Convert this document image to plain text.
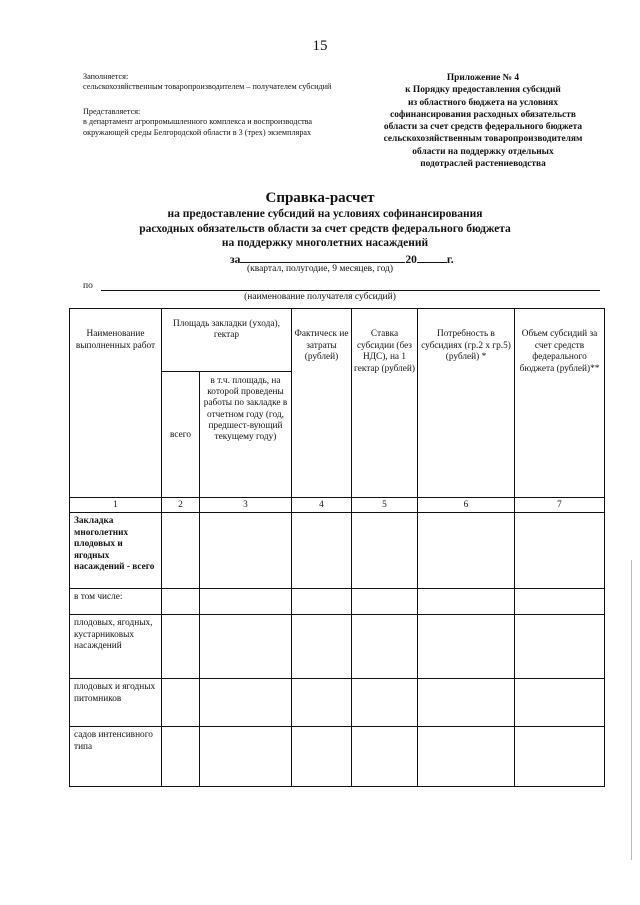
15
Заполняется:
сельскохозяйственным товаропроизводителем – получателем субсидий
Представляется:
в департамент агропромышленного комплекса и воспроизводства окружающей среды Белгородской области в 3 (трех) экземплярах
Приложение № 4
к Порядку предоставления субсидий
из областного бюджета на условиях
софинансирования расходных обязательств
области за счет средств федерального бюджета
сельскохозяйственным товаропроизводителям
области на поддержку отдельных
подотраслей растениеводства
Справка-расчет
на предоставление субсидий на условиях софинансирования
расходных обязательств области за счет средств федерального бюджета
на поддержку многолетних насаждений
за	20	г.
(квартал, полугодие, 9 месяцев, год)
по
(наименование получателя субсидий)
Наименование выполненных работ	Площадь закладки (ухода), гектар		Фактическ ие затраты (рублей)	Ставка субсидии (без НДС), на 1 гектар (рублей)	Потребность в субсидиях (гр.2 х гр.5) (рублей) *	Объем субсидий за счет средств федерального бюджета (рублей)**
	всего	в т.ч. площадь, на которой проведены работы по закладке в отчетном году (год, предшест-вующий текущему году)				
1	2	3	4	5	6	7
Закладка многолетних плодовых и ягодных насаждений - всего						
в том числе:						
плодовых, ягодных, кустарниковых насаждений						
плодовых и ягодных питомников						
садов интенсивного типа						
